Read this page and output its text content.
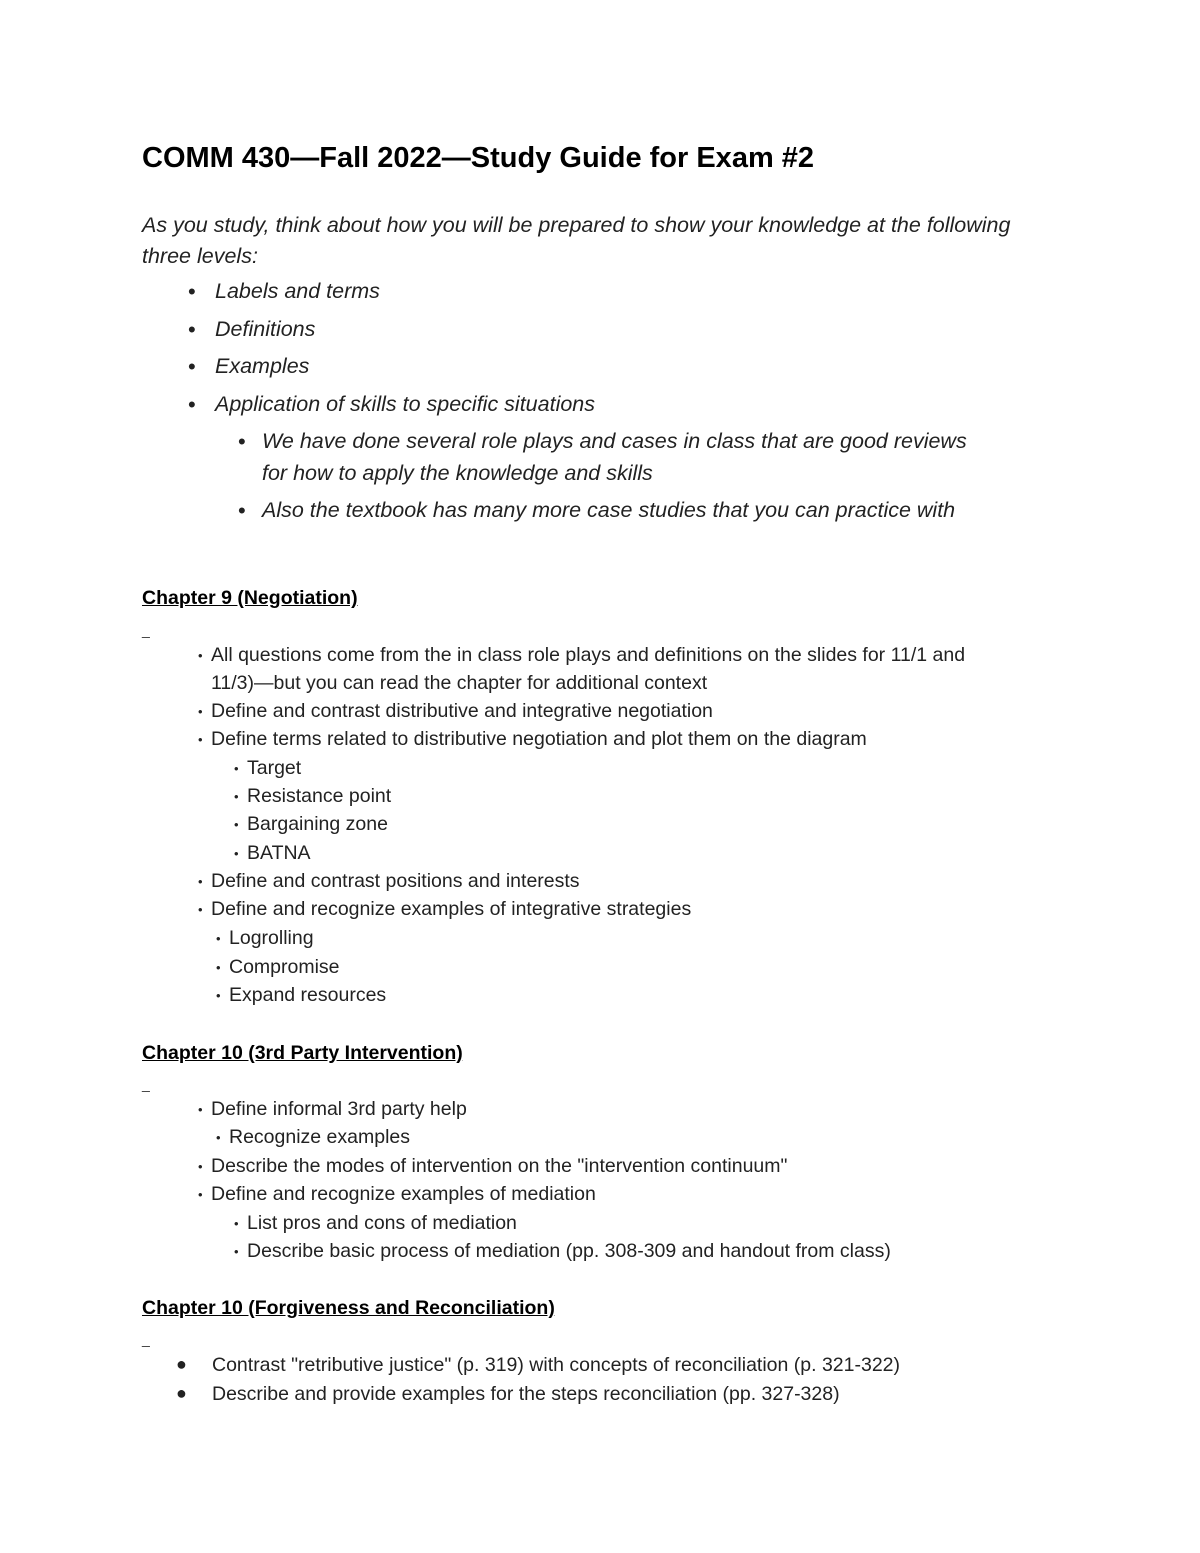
COMM 430—Fall 2022—Study Guide for Exam #2
As you study, think about how you will be prepared to show your knowledge at the following three levels:
• Labels and terms
• Definitions
• Examples
• Application of skills to specific situations
• We have done several role plays and cases in class that are good reviews
for how to apply the knowledge and skills
• Also the textbook has many more case studies that you can practice with
Chapter 9 (Negotiation)
_
• All questions come from the in class role plays and definitions on the slides for 11/1 and
11/3)—but you can read the chapter for additional context
• Define and contrast distributive and integrative negotiation
• Define terms related to distributive negotiation and plot them on the diagram
• Target
• Resistance point
• Bargaining zone
• BATNA
• Define and contrast positions and interests
• Define and recognize examples of integrative strategies
• Logrolling
• Compromise
• Expand resources
Chapter 10 (3rd Party Intervention)
_
• Define informal 3rd party help
• Recognize examples
• Describe the modes of intervention on the "intervention continuum"
• Define and recognize examples of mediation
• List pros and cons of mediation
• Describe basic process of mediation (pp. 308-309 and handout from class)
Chapter 10 (Forgiveness and Reconciliation)
_
● Contrast "retributive justice" (p. 319) with concepts of reconciliation (p. 321-322)
● Describe and provide examples for the steps reconciliation (pp. 327-328)
